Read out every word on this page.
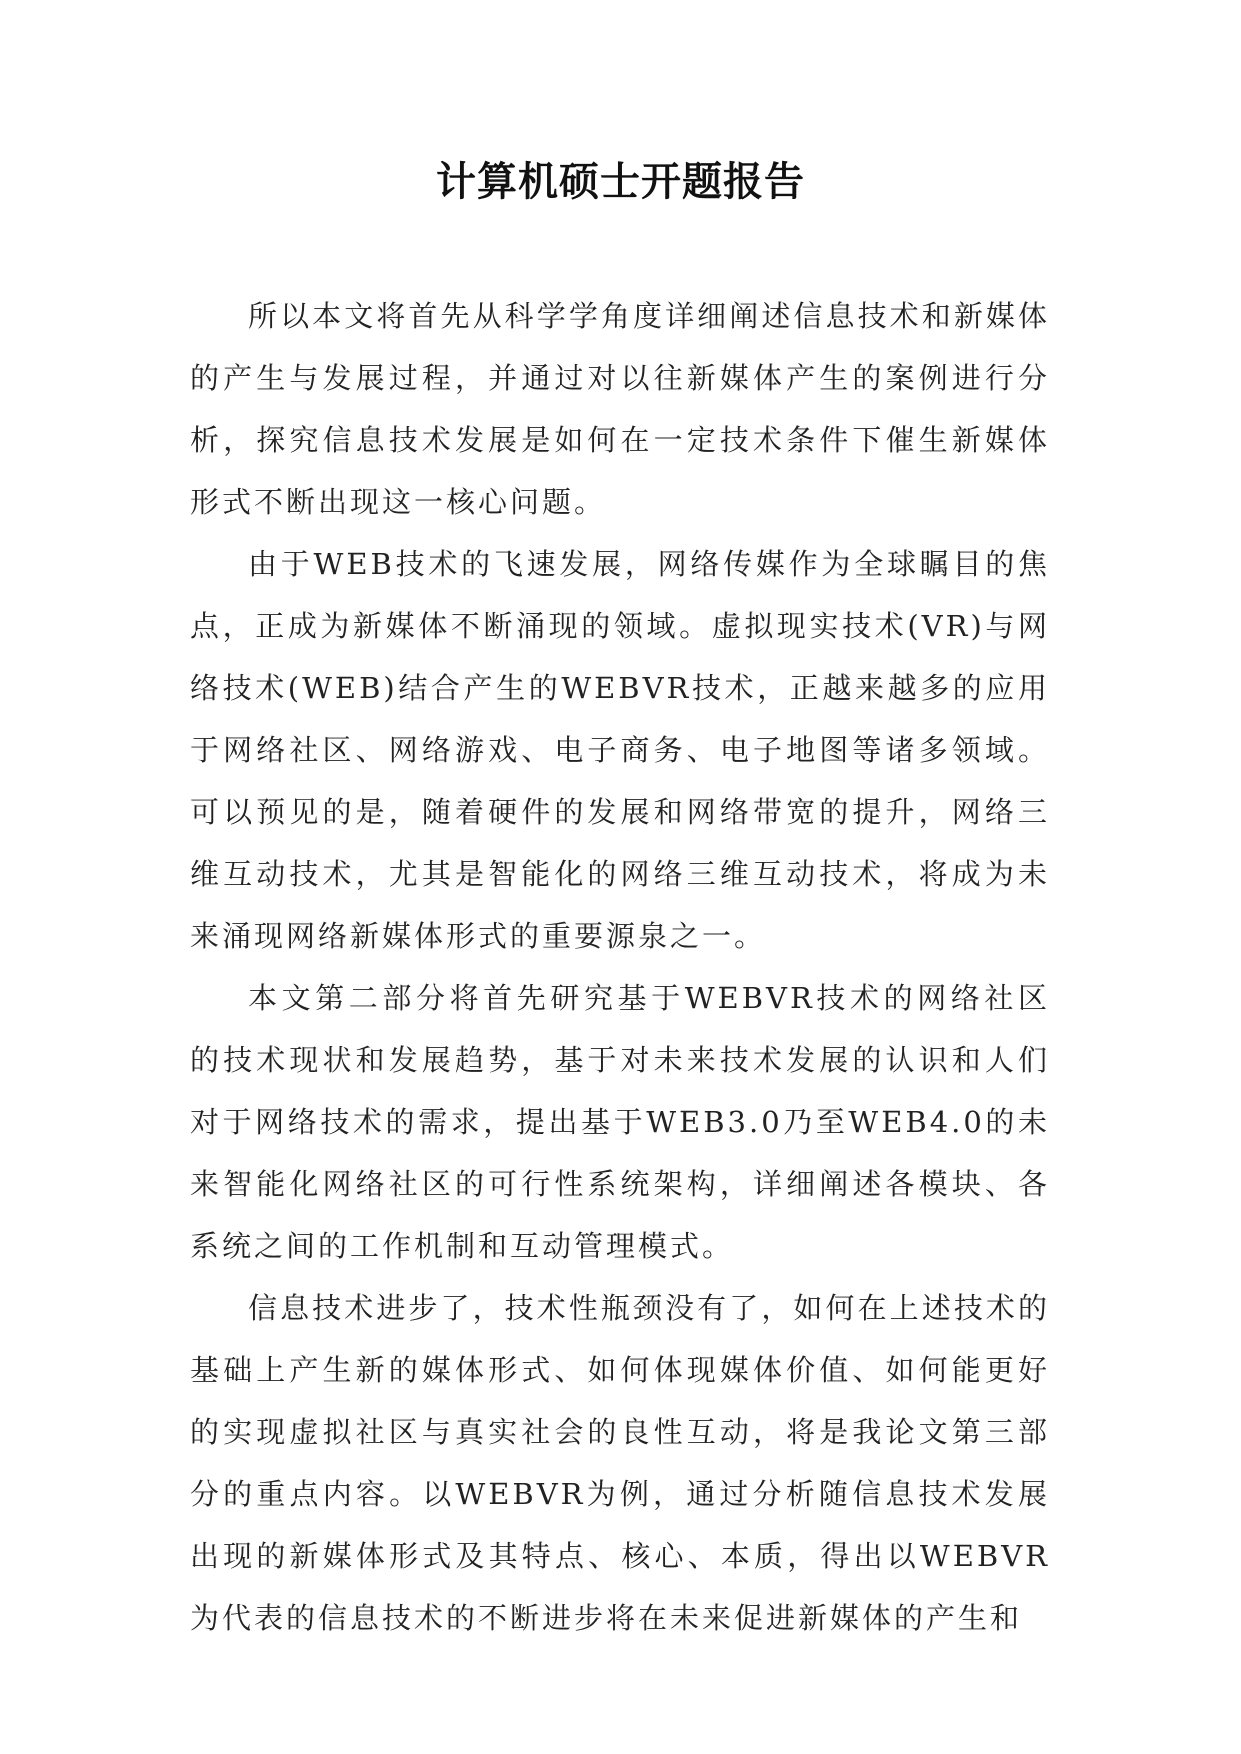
计算机硕士开题报告

所以本文将首先从科学学角度详细阐述信息技术和新媒体的产生与发展过程，并通过对以往新媒体产生的案例进行分析，探究信息技术发展是如何在一定技术条件下催生新媒体形式不断出现这一核心问题。

由于WEB技术的飞速发展，网络传媒作为全球瞩目的焦点，正成为新媒体不断涌现的领域。虚拟现实技术(VR)与网络技术(WEB)结合产生的WEBVR技术，正越来越多的应用于网络社区、网络游戏、电子商务、电子地图等诸多领域。可以预见的是，随着硬件的发展和网络带宽的提升，网络三维互动技术，尤其是智能化的网络三维互动技术，将成为未来涌现网络新媒体形式的重要源泉之一。

本文第二部分将首先研究基于WEBVR技术的网络社区的技术现状和发展趋势，基于对未来技术发展的认识和人们对于网络技术的需求，提出基于WEB3.0乃至WEB4.0的未来智能化网络社区的可行性系统架构，详细阐述各模块、各系统之间的工作机制和互动管理模式。

信息技术进步了，技术性瓶颈没有了，如何在上述技术的基础上产生新的媒体形式、如何体现媒体价值、如何能更好的实现虚拟社区与真实社会的良性互动，将是我论文第三部分的重点内容。以WEBVR为例，通过分析随信息技术发展出现的新媒体形式及其特点、核心、本质，得出以WEBVR为代表的信息技术的不断进步将在未来促进新媒体的产生和
